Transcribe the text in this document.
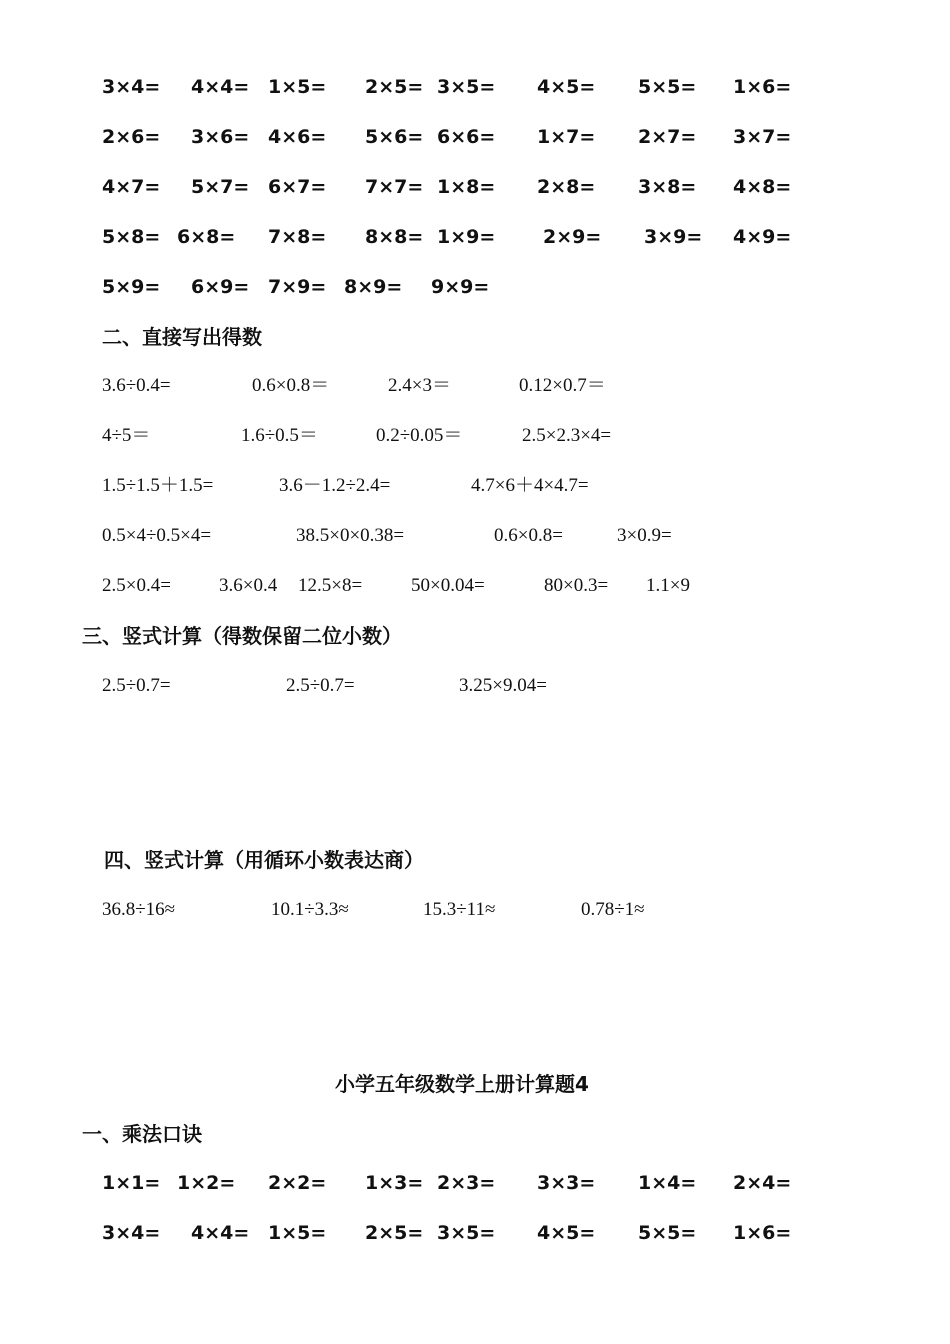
3×4= 4×4= 1×5= 2×5= 3×5= 4×5= 5×5= 1×6=
2×6= 3×6= 4×6= 5×6= 6×6= 1×7= 2×7= 3×7=
4×7= 5×7= 6×7= 7×7= 1×8= 2×8= 3×8= 4×8=
5×8= 6×8= 7×8= 8×8= 1×9=	2×9= 3×9= 4×9=
5×9= 6×9= 7×9= 8×9= 9×9=
二、直接写出得数
3.6÷0.4=	0.6×0.8＝	2.4×3＝	0.12×0.7＝
4÷5＝	1.6÷0.5＝	0.2÷0.05＝	2.5×2.3×4=
1.5÷1.5＋1.5=	3.6－1.2÷2.4=	4.7×6＋4×4.7=
0.5×4÷0.5×4=	38.5×0×0.38=	0.6×0.8=	3×0.9=
2.5×0.4=	3.6×0.4 12.5×8=	50×0.04=	80×0.3= 1.1×9
三、竖式计算（得数保留二位小数）
2.5÷0.7=	2.5÷0.7=	3.25×9.04=
四、竖式计算（用循环小数表达商）
36.8÷16≈	10.1÷3.3≈	15.3÷11≈	0.78÷1≈
小学五年级数学上册计算题4
一、乘法口诀
1×1= 1×2= 2×2= 1×3= 2×3= 3×3= 1×4= 2×4=
3×4= 4×4= 1×5= 2×5= 3×5= 4×5= 5×5= 1×6=
